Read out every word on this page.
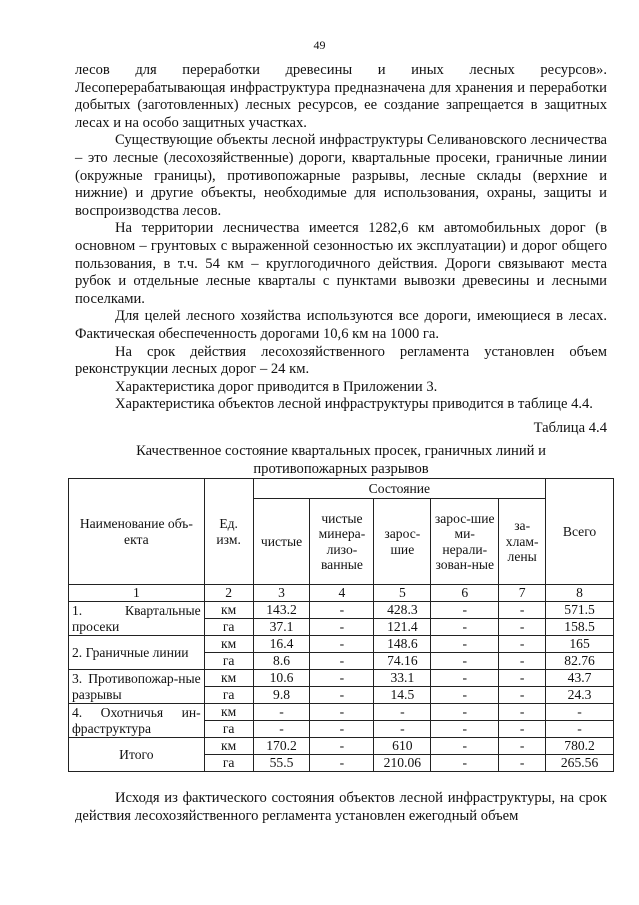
49

лесов для переработки древесины и иных лесных ресурсов». Лесоперерабатывающая инфраструктура предназначена для хранения и переработки добытых (заготовленных) лесных ресурсов, ее создание запрещается в защитных лесах и на особо защитных участках.

Существующие объекты лесной инфраструктуры Селивановского лесничества – это лесные (лесохозяйственные) дороги, квартальные просеки, граничные линии (окружные границы), противопожарные разрывы, лесные склады (верхние и нижние) и другие объекты, необходимые для использования, охраны, защиты и воспроизводства лесов.

На территории лесничества имеется 1282,6 км автомобильных дорог (в основном – грунтовых с выраженной сезонностью их эксплуатации) и дорог общего пользования, в т.ч. 54 км – круглогодичного действия. Дороги связывают места рубок и отдельные лесные кварталы с пунктами вывозки древесины и лесными поселками.

Для целей лесного хозяйства используются все дороги, имеющиеся в лесах. Фактическая обеспеченность дорогами 10,6 км на 1000 га.

На срок действия лесохозяйственного регламента установлен объем реконструкции лесных дорог – 24 км.

Характеристика дорог приводится в Приложении 3.

Характеристика объектов лесной инфраструктуры приводится в таблице 4.4.

Таблица 4.4
Качественное состояние квартальных просек, граничных линий и
противопожарных разрывов
Наименование объ-екта	Ед. изм.	Состояние					Всего
		чистые	чистые минера-лизо-ванные	зарос-шие	зарос-шие ми-нерали-зован-ные	за-хлам-лены	
1	2	3	4	5	6	7	8
1. Квартальные просеки	км	143.2	-	428.3	-	-	571.5
	га	37.1	-	121.4	-	-	158.5
2. Граничные линии	км	16.4	-	148.6	-	-	165
	га	8.6	-	74.16	-	-	82.76
3. Противопожар-ные разрывы	км	10.6	-	33.1	-	-	43.7
	га	9.8	-	14.5	-	-	24.3
4. Охотничья ин-фраструктура	км	-	-	-	-	-	-
	га	-	-	-	-	-	-
Итого	км	170.2	-	610	-	-	780.2
	га	55.5	-	210.06	-	-	265.56

Исходя из фактического состояния объектов лесной инфраструктуры, на срок действия лесохозяйственного регламента установлен ежегодный объем
